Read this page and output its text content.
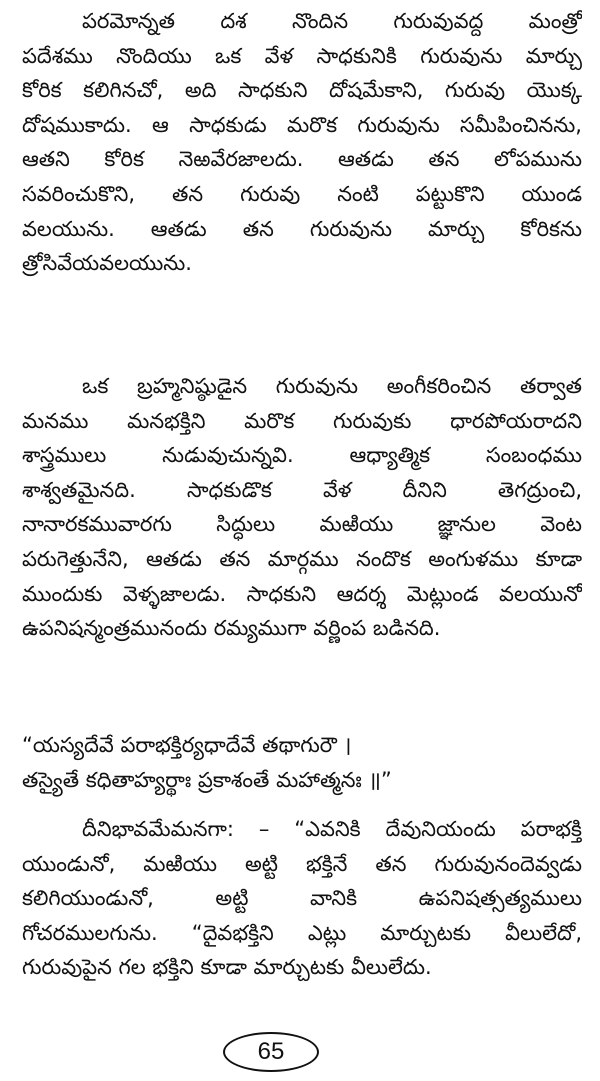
పరమోన్నత దశ నొందిన గురువువద్ద మంత్రో
పదేశము నొందియు ఒక వేళ సాధకునికి గురువును మార్చు
కోరిక కలిగినచో, అది సాధకుని దోషమేకాని, గురువు యొక్క
దోషముకాదు. ఆ సాధకుడు మరొక గురువును సమీపించినను,
ఆతని కోరిక నెఱవేరజాలదు. ఆతడు తన లోపమును
సవరించుకొని, తన గురువు నంటి పట్టుకొని యుండ
వలయును. ఆతడు తన గురువును మార్చు కోరికను
త్రోసివేయవలయును.
ఒక బ్రహ్మనిష్ఠుడైన గురువును అంగీకరించిన తర్వాత
మనము మనభక్తిని మరొక గురువుకు ధారపోయరాదని
శాస్త్రములు నుడువుచున్నవి. ఆధ్యాత్మిక సంబంధము
శాశ్వతమైనది. సాధకుడొక వేళ దీనిని తెగద్రుంచి,
నానారకమువారగు సిద్ధులు మఱియు జ్ఞానుల వెంట
పరుగెత్తునేని, ఆతడు తన మార్గము నందొక అంగుళము కూడా
ముందుకు వెళ్ళజాలడు. సాధకుని ఆదర్శ మెట్లుండ వలయునో
ఉపనిషన్మంత్రమునందు రమ్యముగా వర్ణింప బడినది.
“యస్యదేవే పరాభక్తిర్యధాదేవే తథాగురౌ ।
తస్యైతే కధితాహ్యర్థాః ప్రకాశంతే మహాత్మనః ॥”
దీనిభావమేమనగా: – “ఎవనికి దేవునియందు పరాభక్తి
యుండునో, మఱియు అట్టి భక్తినే తన గురువునందెవ్వడు
కలిగియుండునో, అట్టి వానికి ఉపనిషత్సత్యములు
గోచరములగును. “దైవభక్తిని ఎట్లు మార్చుటకు వీలులేదో,
గురువుపైన గల భక్తిని కూడా మార్చుటకు వీలులేదు.
65
